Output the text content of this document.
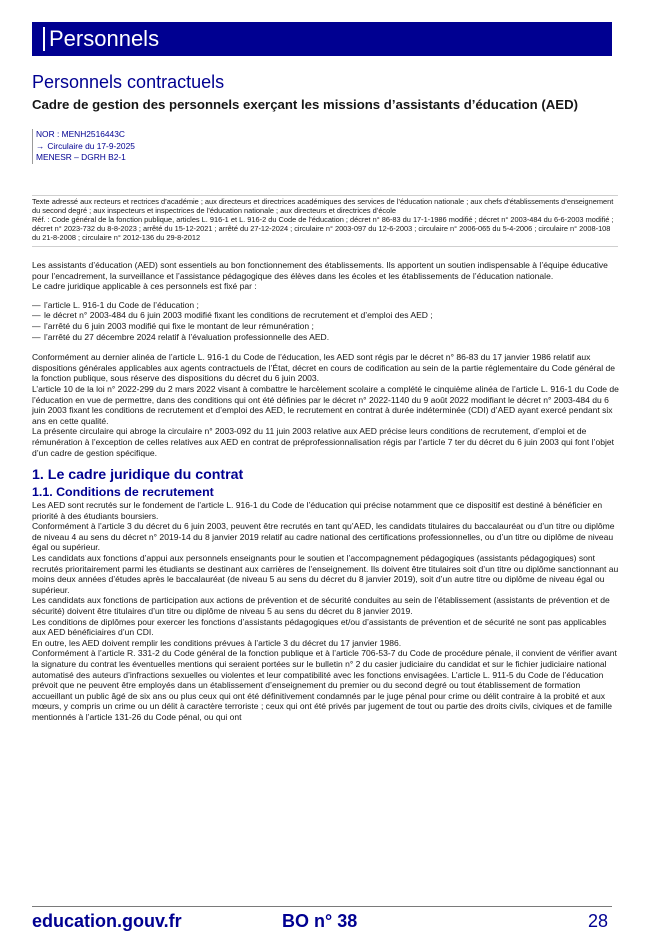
Personnels
Personnels contractuels
Cadre de gestion des personnels exerçant les missions d’assistants d’éducation (AED)
NOR : MENH2516443C
→ Circulaire du 17-9-2025
MENESR – DGRH B2-1

Texte adressé aux recteurs et rectrices d’académie ; aux directeurs et directrices académiques des services de l’éducation nationale ; aux chefs d’établissements d’enseignement du second degré ; aux inspecteurs et inspectrices de l’éducation nationale ; aux directeurs et directrices d’école

Réf. : Code général de la fonction publique, articles L. 916-1 et L. 916-2 du Code de l’éducation ; décret n° 86-83 du 17-1-1986 modifié ; décret n° 2003-484 du 6-6-2003 modifié ; décret n° 2023-732 du 8-8-2023 ; arrêté du 15-12-2021 ; arrêté du 27-12-2024 ; circulaire n° 2003-097 du 12-6-2003 ; circulaire n° 2006-065 du 5-4-2006 ; circulaire n° 2008-108 du 21-8-2008 ; circulaire n° 2012-136 du 29-8-2012

Les assistants d’éducation (AED) sont essentiels au bon fonctionnement des établissements. Ils apportent un soutien indispensable à l’équipe éducative pour l’encadrement, la surveillance et l’assistance pédagogique des élèves dans les écoles et les établissements de l’éducation nationale.

Le cadre juridique applicable à ces personnels est fixé par :

— l’article L. 916-1 du Code de l’éducation ;
— le décret n° 2003-484 du 6 juin 2003 modifié fixant les conditions de recrutement et d’emploi des AED ;
— l’arrêté du 6 juin 2003 modifié qui fixe le montant de leur rémunération ;
— l’arrêté du 27 décembre 2024 relatif à l’évaluation professionnelle des AED.

Conformément au dernier alinéa de l’article L. 916-1 du Code de l’éducation, les AED sont régis par le décret n° 86-83 du 17 janvier 1986 relatif aux dispositions générales applicables aux agents contractuels de l’État, décret en cours de codification au sein de la partie réglementaire du Code général de la fonction publique, sous réserve des dispositions du décret du 6 juin 2003.

L’article 10 de la loi n° 2022-299 du 2 mars 2022 visant à combattre le harcèlement scolaire a complété le cinquième alinéa de l’article L. 916-1 du Code de l’éducation en vue de permettre, dans des conditions qui ont été définies par le décret n° 2022-1140 du 9 août 2022 modifiant le décret n° 2003-484 du 6 juin 2003 fixant les conditions de recrutement et d’emploi des AED, le recrutement en contrat à durée indéterminée (CDI) d’AED ayant exercé pendant six ans en cette qualité.

La présente circulaire qui abroge la circulaire n° 2003-092 du 11 juin 2003 relative aux AED précise leurs conditions de recrutement, d’emploi et de rémunération à l’exception de celles relatives aux AED en contrat de préprofessionnalisation régis par l’article 7 ter du décret du 6 juin 2003 qui font l’objet d’un cadre de gestion spécifique.

1. Le cadre juridique du contrat

1.1. Conditions de recrutement

Les AED sont recrutés sur le fondement de l’article L. 916-1 du Code de l’éducation qui précise notamment que ce dispositif est destiné à bénéficier en priorité à des étudiants boursiers.

Conformément à l’article 3 du décret du 6 juin 2003, peuvent être recrutés en tant qu’AED, les candidats titulaires du baccalauréat ou d’un titre ou diplôme de niveau 4 au sens du décret n° 2019-14 du 8 janvier 2019 relatif au cadre national des certifications professionnelles, ou d’un titre ou diplôme de niveau égal ou supérieur.

Les candidats aux fonctions d’appui aux personnels enseignants pour le soutien et l’accompagnement pédagogiques (assistants pédagogiques) sont recrutés prioritairement parmi les étudiants se destinant aux carrières de l’enseignement. Ils doivent être titulaires soit d’un titre ou diplôme sanctionnant au moins deux années d’études après le baccalauréat (de niveau 5 au sens du décret du 8 janvier 2019), soit d’un autre titre ou diplôme de niveau égal ou supérieur.

Les candidats aux fonctions de participation aux actions de prévention et de sécurité conduites au sein de l’établissement (assistants de prévention et de sécurité) doivent être titulaires d’un titre ou diplôme de niveau 5 au sens du décret du 8 janvier 2019.

Les conditions de diplômes pour exercer les fonctions d’assistants pédagogiques et/ou d’assistants de prévention et de sécurité ne sont pas applicables aux AED bénéficiaires d’un CDI.

En outre, les AED doivent remplir les conditions prévues à l’article 3 du décret du 17 janvier 1986.

Conformément à l’article R. 331-2 du Code général de la fonction publique et à l’article 706-53-7 du Code de procédure pénale, il convient de vérifier avant la signature du contrat les éventuelles mentions qui seraient portées sur le bulletin n° 2 du casier judiciaire du candidat et sur le fichier judiciaire national automatisé des auteurs d’infractions sexuelles ou violentes et leur compatibilité avec les fonctions envisagées. L’article L. 911-5 du Code de l’éducation prévoit que ne peuvent être employés dans un établissement d’enseignement du premier ou du second degré ou tout établissement de formation accueillant un public âgé de six ans ou plus ceux qui ont été définitivement condamnés par le juge pénal pour crime ou délit contraire à la probité et aux mœurs, y compris un crime ou un délit à caractère terroriste ; ceux qui ont été privés par jugement de tout ou partie des droits civils, civiques et de famille mentionnés à l’article 131-26 du Code pénal, ou qui ont

education.gouv.fr	BO n° 38	28
